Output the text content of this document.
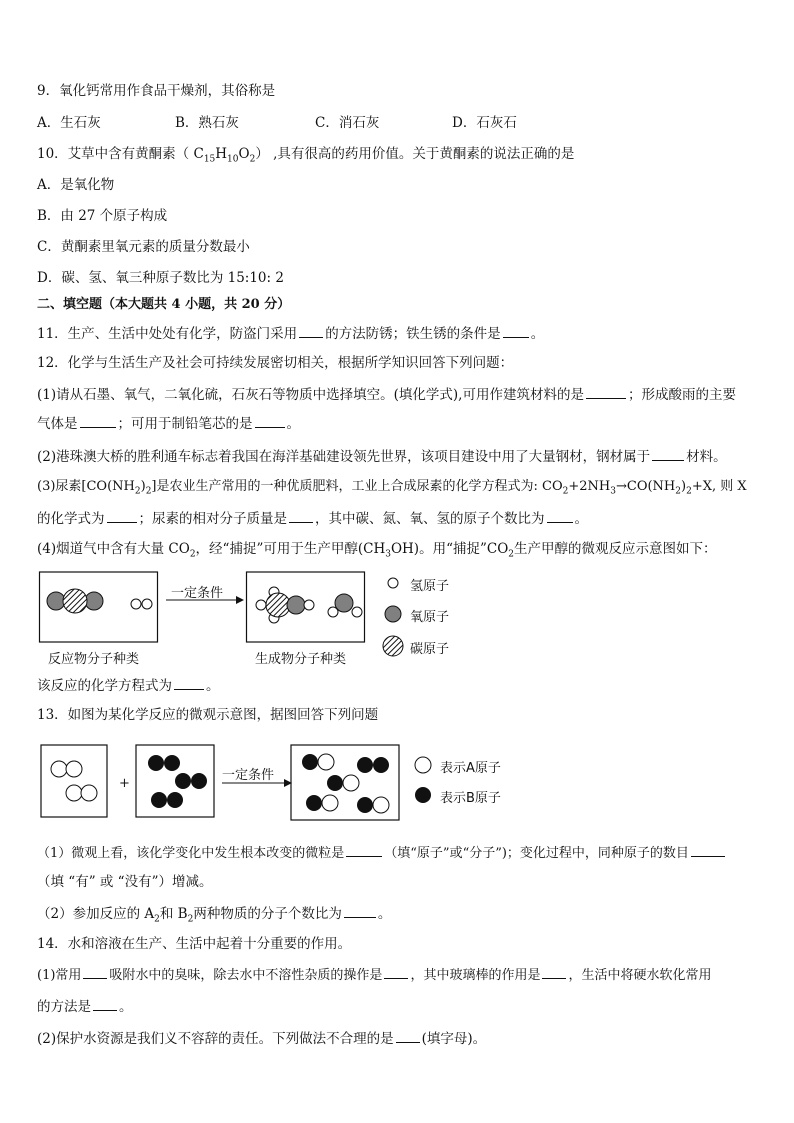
9．氧化钙常用作食品干燥剂，其俗称是
A．生石灰	B．熟石灰	C．消石灰	D．石灰石
10．艾草中含有黄酮素（ $C_{15}H_{10}O_2$） ,具有很高的药用价值。关于黄酮素的说法正确的是
A．是氧化物
B．由 27 个原子构成
C．黄酮素里氧元素的质量分数最小
D．碳、氢、氧三种原子数比为 15:10: 2
二、填空题（本大题共 4 小题，共 20 分）
11．生产、生活中处处有化学，防盗门采用 的方法防锈；铁生锈的条件是 。
12．化学与生活生产及社会可持续发展密切相关，根据所学知识回答下列问题：
(1)请从石墨、氧气，二氧化硫，石灰石等物质中选择填空。(填化学式),可用作建筑材料的是	；形成酸雨的主要
气体是	；可用于制铅笔芯的是	。
(2)港珠澳大桥的胜利通车标志着我国在海洋基础建设领先世界，该项目建设中用了大量钢材，钢材属于	材料。
(3)尿素$[CO(NH_2)_2]$是农业生产常用的一种优质肥料，工业上合成尿素的化学方程式为: $CO_2+2NH_3\to CO(NH_2)_2+X$, 则 X
的化学式为	；尿素的相对分子质量是 ，其中碳、氮、氧、氢的原子个数比为 。
(4)烟道气中含有大量 $CO_2$，经“捕捉”可用于生产甲醇$(CH_3OH)$。用“捕捉$”CO_2$生产甲醇的微观反应示意图如下：
一定条件
反应物分子种类	生成物分子种类
氢原子
氧原子
碳原子
该反应的化学方程式为	。
13．如图为某化学反应的微观示意图，据图回答下列问题
+
一定条件	表示A原子
表示B原子
（1）微观上看，该化学变化中发生根本改变的微粒是	（填“原子”或“分子”)；变化过程中，同种原子的数目
（填 “有” 或 “没有”）增减。
（2）参加反应的 $A_2$和 $B_2$两种物质的分子个数比为	。
14．水和溶液在生产、生活中起着十分重要的作用。
(1)常用 吸附水中的臭味，除去水中不溶性杂质的操作是 ，其中玻璃棒的作用是 ，生活中将硬水软化常用
的方法是 。
(2)保护水资源是我们义不容辞的责任。下列做法不合理的是 (填字母)。
